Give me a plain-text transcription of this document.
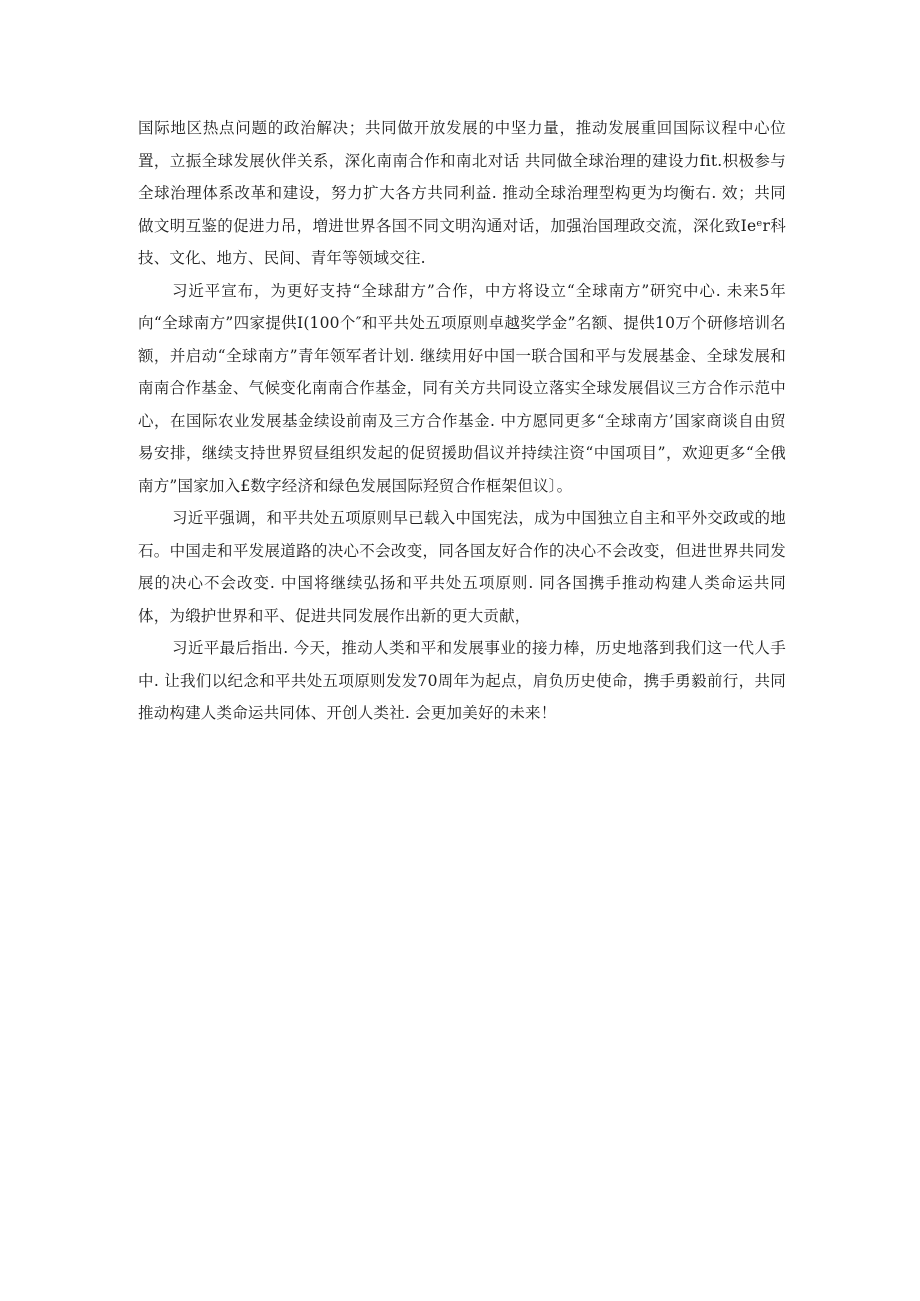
国际地区热点问题的政治解决；共同做开放发展的中坚力量，推动发展重回国际议程中心位置，立振全球发展伙伴关系，深化南南合作和南北对话 共同做全球治理的建设力fit.枳极参与全球治理体系改革和建设，努力扩大各方共同利益. 推动全球治理型构更为均衡右. 效；共同做文明互鉴的促进力吊，増进世界各国不同文明沟通对话，加强治国理政交流，深化致Ieᵉr科技、文化、地方、民间、青年等领域交往.

习近平宣布，为更好支持“全球甜方”合作，中方将设立“全球南方”研究中心. 未来5年向“全球南方”四家提供I(100个″和平共处五项原则卓越奖学金”名额、提供10万个研修培训名额，并启动“全球南方”青年领军者计划. 继续用好中国一联合国和平与发展基金、全球发展和南南合作基金、气候变化南南合作基金，同有关方共同设立落实全球发展倡议三方合作示范中心，在国际农业发展基金续设前南及三方合作基金. 中方愿同更多“全球南方’国家商谈自由贸易安排，继续支持世界贸昼组织发起的促贸援助倡议并持续注资“中国项目”，欢迎更多“全俄南方”国家加入£数字经济和绿色发展国际羟贸合作框架但议〕。

习近平强调，和平共处五项原则早已载入中国宪法，成为中国独立自主和平外交政或的地石。中国走和平发展道路的决心不会改变，同各国友好合作的决心不会改变，但进世界共同发展的决心不会改变. 中国将继续弘扬和平共处五项原则. 同各国携手推动构建人类命运共同体，为缎护世界和平、促进共同发展作出新的更大贡献，

习近平最后指出. 今天，推动人类和平和发展事业的接力棒，历史地落到我们这一代人手中. 让我们以纪念和平共处五项原则发发70周年为起点，肩负历史使命，携手勇毅前行，共同推动构建人类命运共同体、开创人类社. 会更加美好的未来！
